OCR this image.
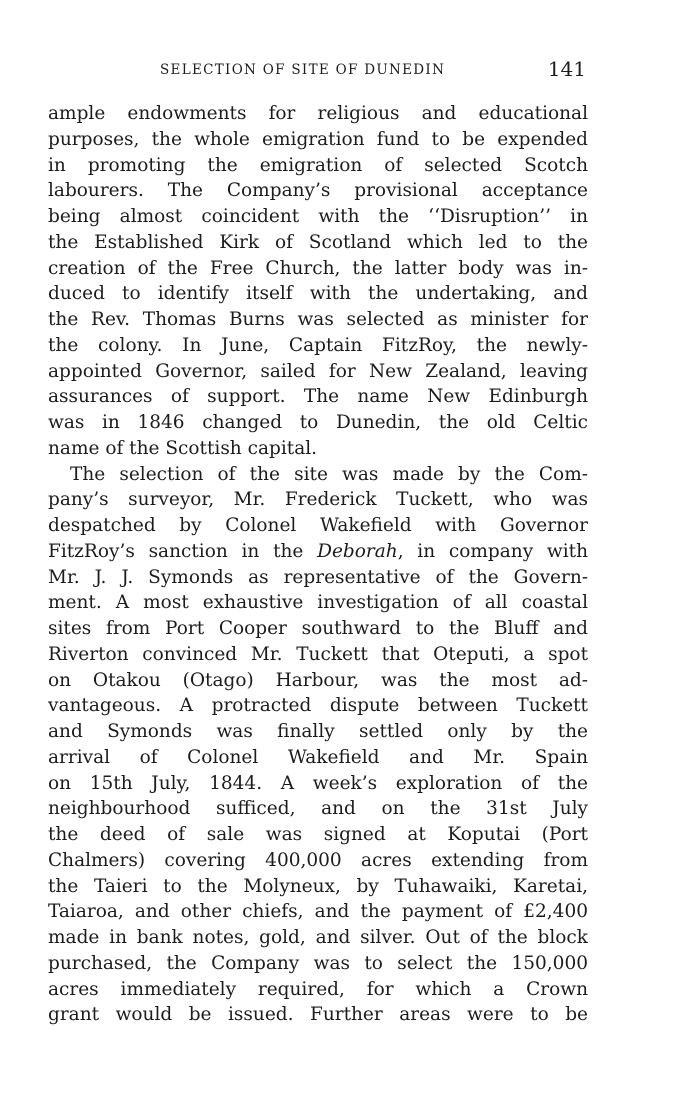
SELECTION OF SITE OF DUNEDIN	141
ample endowments for religious and educational
purposes, the whole emigration fund to be expended
in promoting the emigration of selected Scotch
labourers. The Company’s provisional acceptance
being almost coincident with the ‘‘Disruption’’ in
the Established Kirk of Scotland which led to the
creation of the Free Church, the latter body was in-
duced to identify itself with the undertaking, and
the Rev. Thomas Burns was selected as minister for
the colony. In June, Captain FitzRoy, the newly-
appointed Governor, sailed for New Zealand, leaving
assurances of support. The name New Edinburgh
was in 1846 changed to Dunedin, the old Celtic
name of the Scottish capital.
The selection of the site was made by the Com-
pany’s surveyor, Mr. Frederick Tuckett, who was
despatched by Colonel Wakefield with Governor
FitzRoy’s sanction in the Deborah, in company with
Mr. J. J. Symonds as representative of the Govern-
ment. A most exhaustive investigation of all coastal
sites from Port Cooper southward to the Bluff and
Riverton convinced Mr. Tuckett that Oteputi, a spot
on Otakou (Otago) Harbour, was the most ad-
vantageous. A protracted dispute between Tuckett
and Symonds was finally settled only by the
arrival of Colonel Wakefield and Mr. Spain
on 15th July, 1844. A week’s exploration of the
neighbourhood sufficed, and on the 31st July
the deed of sale was signed at Koputai (Port
Chalmers) covering 400,000 acres extending from
the Taieri to the Molyneux, by Tuhawaiki, Karetai,
Taiaroa, and other chiefs, and the payment of £2,400
made in bank notes, gold, and silver. Out of the block
purchased, the Company was to select the 150,000
acres immediately required, for which a Crown
grant would be issued. Further areas were to be
